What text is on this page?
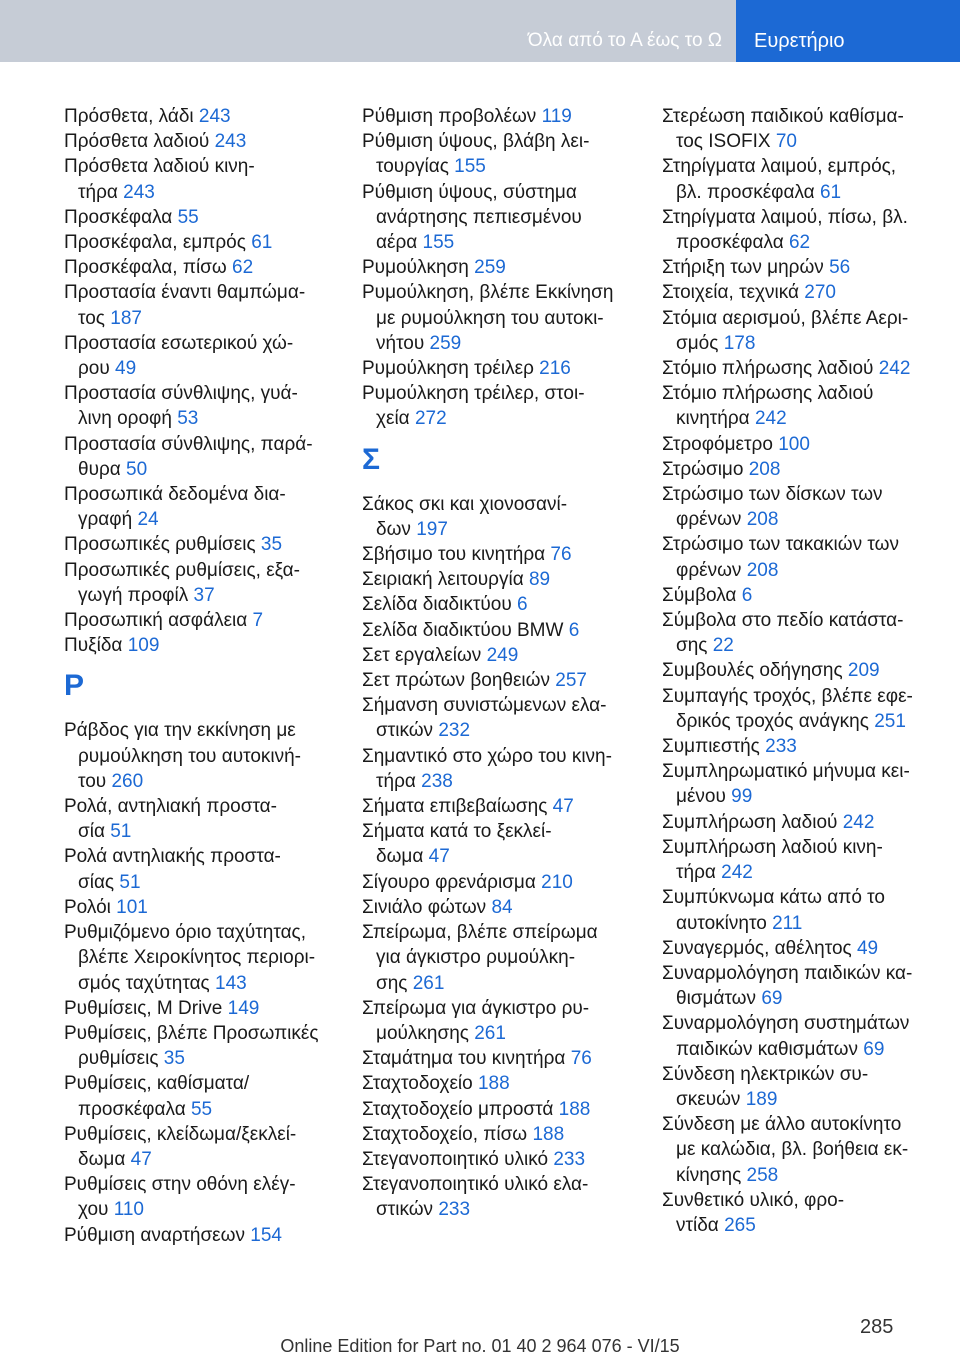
Όλα από το Α έως το Ω Ευρετήριο
Πρόσθετα, λάδι 243
Πρόσθετα λαδιού 243
Πρόσθετα λαδιού κινη-
τήρα 243
Προσκέφαλα 55
Προσκέφαλα, εμπρός 61
Προσκέφαλα, πίσω 62
Προστασία έναντι θαμπώμα-
τος 187
Προστασία εσωτερικού χώ-
ρου 49
Προστασία σύνθλιψης, γυά-
λινη οροφή 53
Προστασία σύνθλιψης, παρά-
θυρα 50
Προσωπικά δεδομένα δια-
γραφή 24
Προσωπικές ρυθμίσεις 35
Προσωπικές ρυθμίσεις, εξα-
γωγή προφίλ 37
Προσωπική ασφάλεια 7
Πυξίδα 109
Ρ
Ράβδος για την εκκίνηση με
ρυμούλκηση του αυτοκινή-
του 260
Ρολά, αντηλιακή προστα-
σία 51
Ρολά αντηλιακής προστα-
σίας 51
Ρολόι 101
Ρυθμιζόμενο όριο ταχύτητας,
βλέπε Χειροκίνητος περιορι-
σμός ταχύτητας 143
Ρυθμίσεις, M Drive 149
Ρυθμίσεις, βλέπε Προσωπικές
ρυθμίσεις 35
Ρυθμίσεις, καθίσματα/
προσκέφαλα 55
Ρυθμίσεις, κλείδωμα/ξεκλεί-
δωμα 47
Ρυθμίσεις στην οθόνη ελέγ-
χου 110
Ρύθμιση αναρτήσεων 154
Ρύθμιση προβολέων 119
Ρύθμιση ύψους, βλάβη λει-
τουργίας 155
Ρύθμιση ύψους, σύστημα
ανάρτησης πεπιεσμένου
αέρα 155
Ρυμούλκηση 259
Ρυμούλκηση, βλέπε Εκκίνηση
με ρυμούλκηση του αυτοκι-
νήτου 259
Ρυμούλκηση τρέιλερ 216
Ρυμούλκηση τρέιλερ, στοι-
χεία 272
Σ
Σάκος σκι και χιονοσανί-
δων 197
Σβήσιμο του κινητήρα 76
Σειριακή λειτουργία 89
Σελίδα διαδικτύου 6
Σελίδα διαδικτύου BMW 6
Σετ εργαλείων 249
Σετ πρώτων βοηθειών 257
Σήμανση συνιστώμενων ελα-
στικών 232
Σημαντικό στο χώρο του κινη-
τήρα 238
Σήματα επιβεβαίωσης 47
Σήματα κατά το ξεκλεί-
δωμα 47
Σίγουρο φρενάρισμα 210
Σινιάλο φώτων 84
Σπείρωμα, βλέπε σπείρωμα
για άγκιστρο ρυμούλκη-
σης 261
Σπείρωμα για άγκιστρο ρυ-
μούλκησης 261
Σταμάτημα του κινητήρα 76
Σταχτοδοχείο 188
Σταχτοδοχείο μπροστά 188
Σταχτοδοχείο, πίσω 188
Στεγανοποιητικό υλικό 233
Στεγανοποιητικό υλικό ελα-
στικών 233
Στερέωση παιδικού καθίσμα-
τος ISOFIX 70
Στηρίγματα λαιμού, εμπρός,
βλ. προσκέφαλα 61
Στηρίγματα λαιμού, πίσω, βλ.
προσκέφαλα 62
Στήριξη των μηρών 56
Στοιχεία, τεχνικά 270
Στόμια αερισμού, βλέπε Αερι-
σμός 178
Στόμιο πλήρωσης λαδιού 242
Στόμιο πλήρωσης λαδιού
κινητήρα 242
Στροφόμετρο 100
Στρώσιμο 208
Στρώσιμο των δίσκων των
φρένων 208
Στρώσιμο των τακακιών των
φρένων 208
Σύμβολα 6
Σύμβολα στο πεδίο κατάστα-
σης 22
Συμβουλές οδήγησης 209
Συμπαγής τροχός, βλέπε εφε-
δρικός τροχός ανάγκης 251
Συμπιεστής 233
Συμπληρωματικό μήνυμα κει-
μένου 99
Συμπλήρωση λαδιού 242
Συμπλήρωση λαδιού κινη-
τήρα 242
Συμπύκνωμα κάτω από το
αυτοκίνητο 211
Συναγερμός, αθέλητος 49
Συναρμολόγηση παιδικών κα-
θισμάτων 69
Συναρμολόγηση συστημάτων
παιδικών καθισμάτων 69
Σύνδεση ηλεκτρικών συ-
σκευών 189
Σύνδεση με άλλο αυτοκίνητο
με καλώδια, βλ. βοήθεια εκ-
κίνησης 258
Συνθετικό υλικό, φρο-
ντίδα 265
285
Online Edition for Part no. 01 40 2 964 076 - VI/15
